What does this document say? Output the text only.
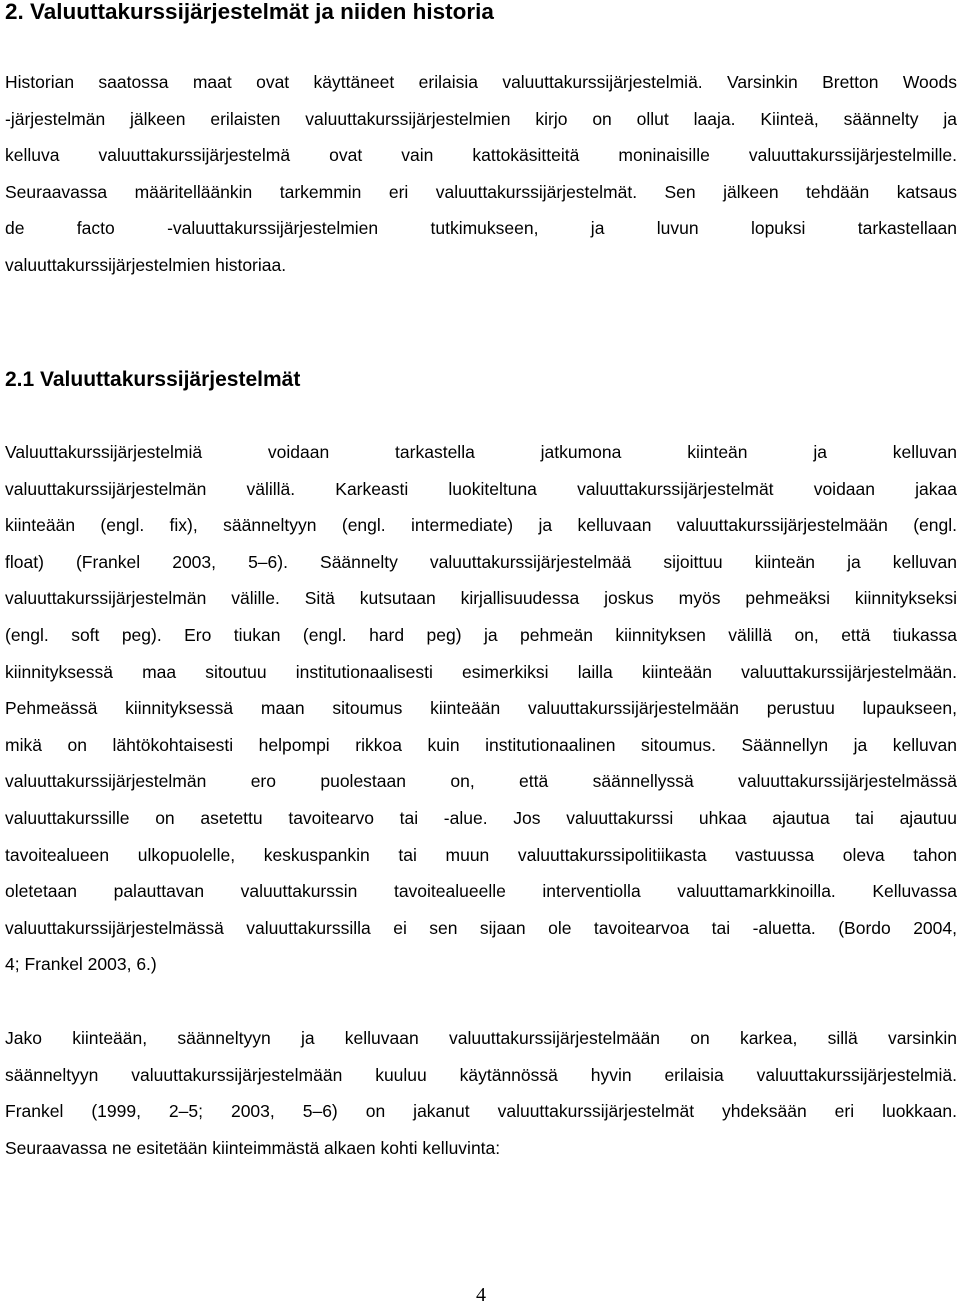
2. Valuuttakurssijärjestelmät ja niiden historia

Historian saatossa maat ovat käyttäneet erilaisia valuuttakurssijärjestelmiä. Varsinkin Bretton Woods
-järjestelmän jälkeen erilaisten valuuttakurssijärjestelmien kirjo on ollut laaja. Kiinteä, säännelty ja
kelluva valuuttakurssijärjestelmä ovat vain kattokäsitteitä moninaisille valuuttakurssijärjestelmille.
Seuraavassa määritelläänkin tarkemmin eri valuuttakurssijärjestelmät. Sen jälkeen tehdään katsaus
de facto -valuuttakurssijärjestelmien tutkimukseen, ja luvun lopuksi tarkastellaan
valuuttakurssijärjestelmien historiaa.

2.1 Valuuttakurssijärjestelmät

Valuuttakurssijärjestelmiä voidaan tarkastella jatkumona kiinteän ja kelluvan
valuuttakurssijärjestelmän välillä. Karkeasti luokiteltuna valuuttakurssijärjestelmät voidaan jakaa
kiinteään (engl. fix), säänneltyyn (engl. intermediate) ja kelluvaan valuuttakurssijärjestelmään (engl.
float) (Frankel 2003, 5–6). Säännelty valuuttakurssijärjestelmää sijoittuu kiinteän ja kelluvan
valuuttakurssijärjestelmän välille. Sitä kutsutaan kirjallisuudessa joskus myös pehmeäksi kiinnitykseksi
(engl. soft peg). Ero tiukan (engl. hard peg) ja pehmeän kiinnityksen välillä on, että tiukassa
kiinnityksessä maa sitoutuu institutionaalisesti esimerkiksi lailla kiinteään valuuttakurssijärjestelmään.
Pehmeässä kiinnityksessä maan sitoumus kiinteään valuuttakurssijärjestelmään perustuu lupaukseen,
mikä on lähtökohtaisesti helpompi rikkoa kuin institutionaalinen sitoumus. Säännellyn ja kelluvan
valuuttakurssijärjestelmän ero puolestaan on, että säännellyssä valuuttakurssijärjestelmässä
valuuttakurssille on asetettu tavoitearvo tai -alue. Jos valuuttakurssi uhkaa ajautua tai ajautuu
tavoitealueen ulkopuolelle, keskuspankin tai muun valuuttakurssipolitiikasta vastuussa oleva tahon
oletetaan palauttavan valuuttakurssin tavoitealueelle interventiolla valuuttamarkkinoilla. Kelluvassa
valuuttakurssijärjestelmässä valuuttakurssilla ei sen sijaan ole tavoitearvoa tai -aluetta. (Bordo 2004,
4; Frankel 2003, 6.)

Jako kiinteään, säänneltyyn ja kelluvaan valuuttakurssijärjestelmään on karkea, sillä varsinkin
säänneltyyn valuuttakurssijärjestelmään kuuluu käytännössä hyvin erilaisia valuuttakurssijärjestelmiä.
Frankel (1999, 2–5; 2003, 5–6) on jakanut valuuttakurssijärjestelmät yhdeksään eri luokkaan.
Seuraavassa ne esitetään kiinteimmästä alkaen kohti kelluvinta:

4
